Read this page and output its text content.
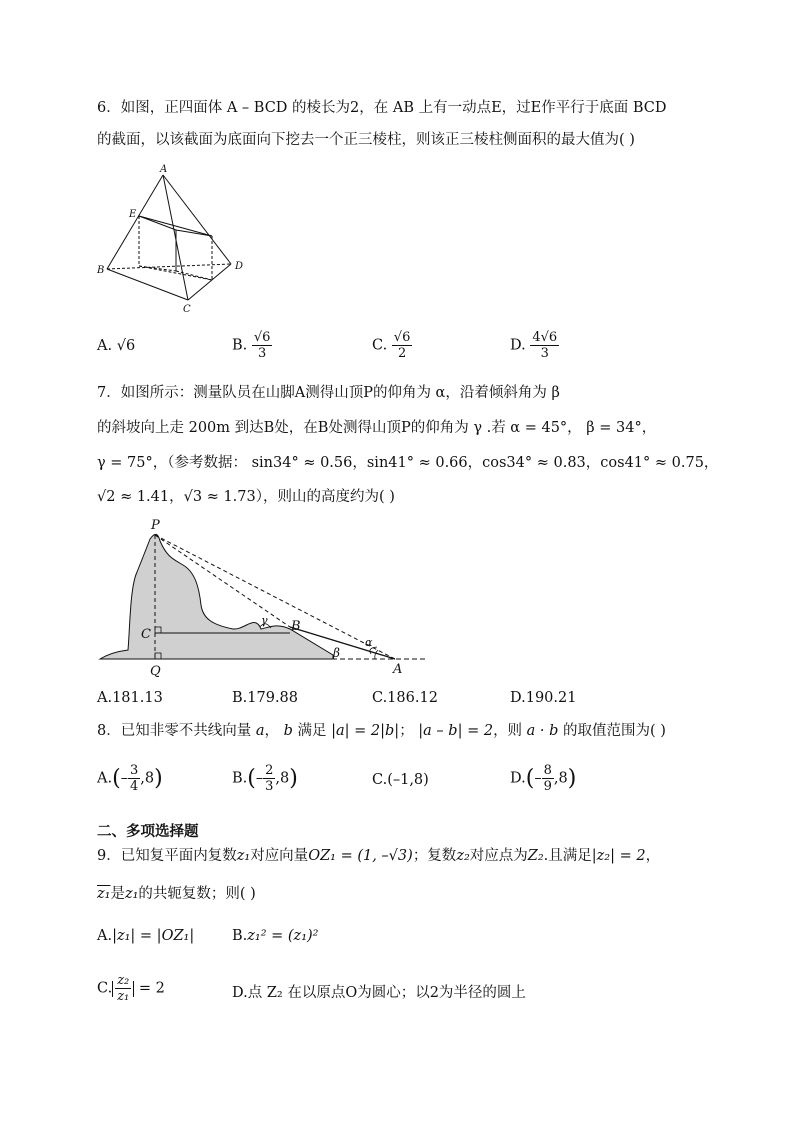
6．如图，正四面体 A – BCD 的棱长为2，在 AB 上有一动点E，过E作平行于底面 BCD
的截面，以该截面为底面向下挖去一个正三棱柱，则该正三棱柱侧面积的最大值为( )
A
E
B	D
C
A. √6	B. $\frac{√6}{3}$	C. $\frac{√6}{2}$	D. $\frac{4√6}{3}$
7．如图所示：测量队员在山脚A测得山顶P的仰角为 α，沿着倾斜角为 β
的斜坡向上走 200m 到达B处，在B处测得山顶P的仰角为 γ .若 α = 45°， β = 34°，
γ = 75°，（参考数据： sin34° ≈ 0.56，sin41° ≈ 0.66，cos34° ≈ 0.83，cos41° ≈ 0.75，
√2 ≈ 1.41，√3 ≈ 1.73），则山的高度约为( )
P
C
B
Q	A
γ
β
α
A.181.13	B.179.88	C.186.12	D.190.21
8．已知非零不共线向量 a， b 满足 |a| = 2|b|； |a – b| = 2，则 a · b 的取值范围为( )
$A.(- \frac{3}{4} ,8)$	$B.(- \frac{2}{3} ,8)$	C.(–1,8)	$D.(- \frac{8}{9} ,8)$
二、多项选择题
9．已知复平面内复数z₁对应向量OZ₁ = (1, –√3)；复数z₂对应点为Z₂.且满足|z₂| = 2，
z₁是z₁的共轭复数；则( )
A.|z₁| = |OZ₁|	B.z₁² = (z₁)²
C. $\frac{\text{z₂}}{\text{z₁}} = 2$	D.点 Z₂ 在以原点O为圆心；以2为半径的圆上
